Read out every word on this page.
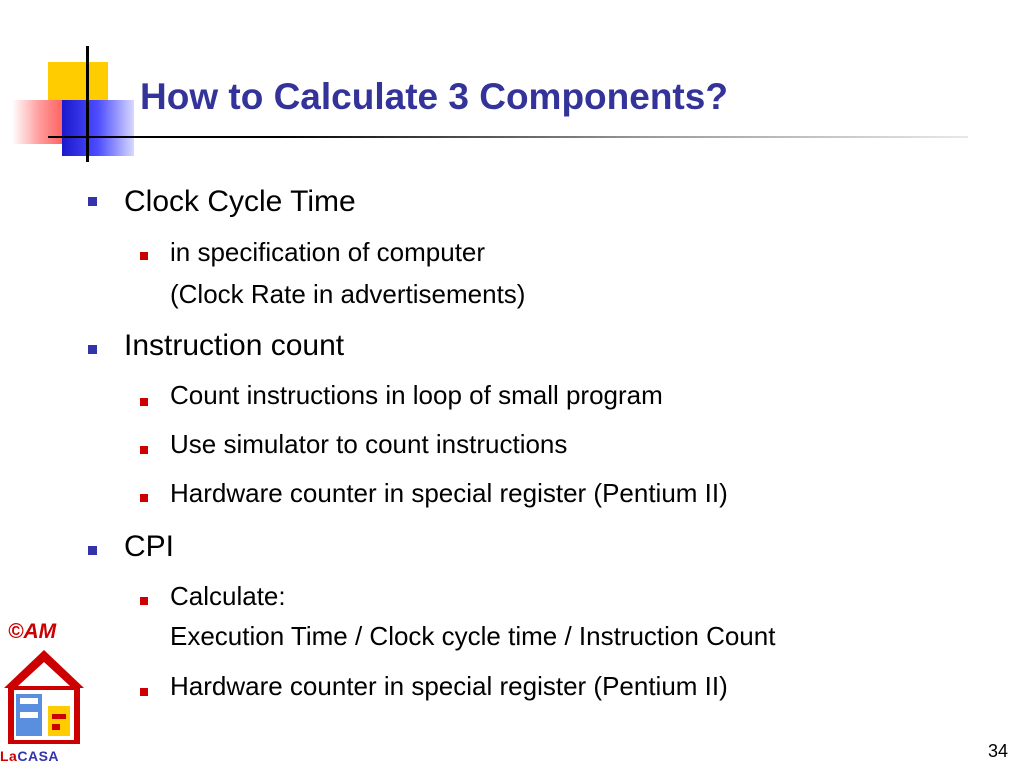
How to Calculate 3 Components?

Clock Cycle Time

in specification of computer

(Clock Rate in advertisements)

Instruction count

Count instructions in loop of small program

Use simulator to count instructions

Hardware counter in special register (Pentium II)

CPI

Calculate:

Execution Time / Clock cycle time / Instruction Count

Hardware counter in special register (Pentium II)

©AM
LaCASA	34
